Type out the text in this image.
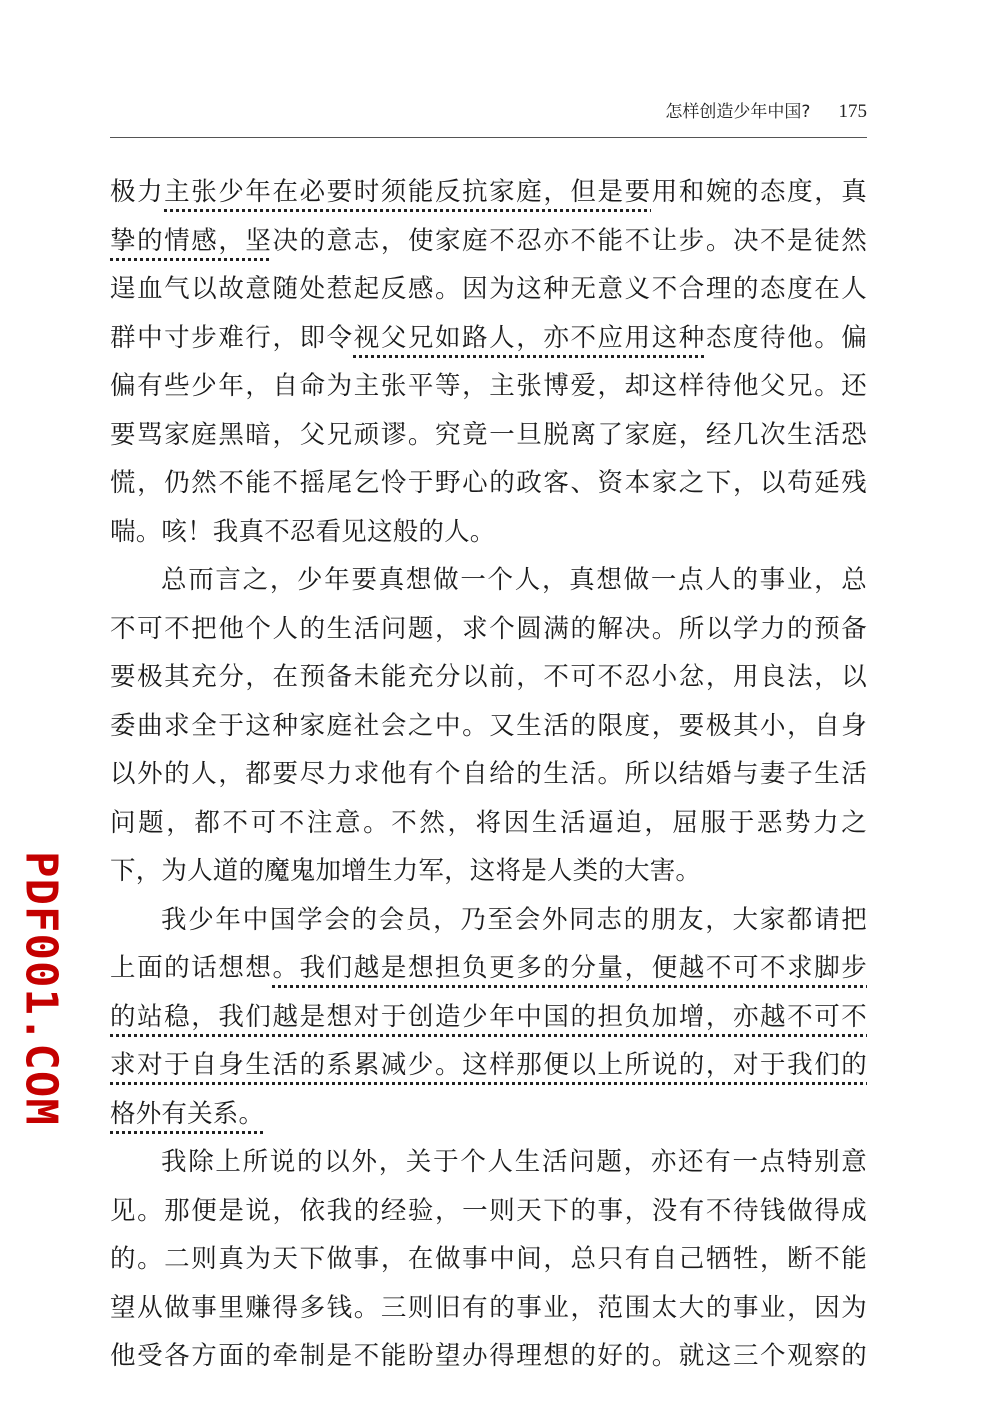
怎样创造少年中国? 175
PDF001.COM
极力主张少年在必要时须能反抗家庭，但是要用和婉的态度，真
挚的情感，坚决的意志，使家庭不忍亦不能不让步。决不是徒然
逞血气以故意随处惹起反感。因为这种无意义不合理的态度在人
群中寸步难行，即令视父兄如路人，亦不应用这种态度待他。偏
偏有些少年，自命为主张平等，主张博爱，却这样待他父兄。还
要骂家庭黑暗，父兄顽谬。究竟一旦脱离了家庭，经几次生活恐
慌，仍然不能不摇尾乞怜于野心的政客、资本家之下，以苟延残
喘。咳！我真不忍看见这般的人。
总而言之，少年要真想做一个人，真想做一点人的事业，总
不可不把他个人的生活问题，求个圆满的解决。所以学力的预备
要极其充分，在预备未能充分以前，不可不忍小忿，用良法，以
委曲求全于这种家庭社会之中。又生活的限度，要极其小，自身
以外的人，都要尽力求他有个自给的生活。所以结婚与妻子生活
问题，都不可不注意。不然，将因生活逼迫，屈服于恶势力之
下，为人道的魔鬼加增生力军，这将是人类的大害。
我少年中国学会的会员，乃至会外同志的朋友，大家都请把
上面的话想想。我们越是想担负更多的分量，便越不可不求脚步
的站稳，我们越是想对于创造少年中国的担负加增，亦越不可不
求对于自身生活的系累减少。这样那便以上所说的，对于我们的
格外有关系。
我除上所说的以外，关于个人生活问题，亦还有一点特别意
见。那便是说，依我的经验，一则天下的事，没有不待钱做得成
的。二则真为天下做事，在做事中间，总只有自己牺牲，断不能
望从做事里赚得多钱。三则旧有的事业，范围太大的事业，因为
他受各方面的牵制是不能盼望办得理想的好的。就这三个观察的
